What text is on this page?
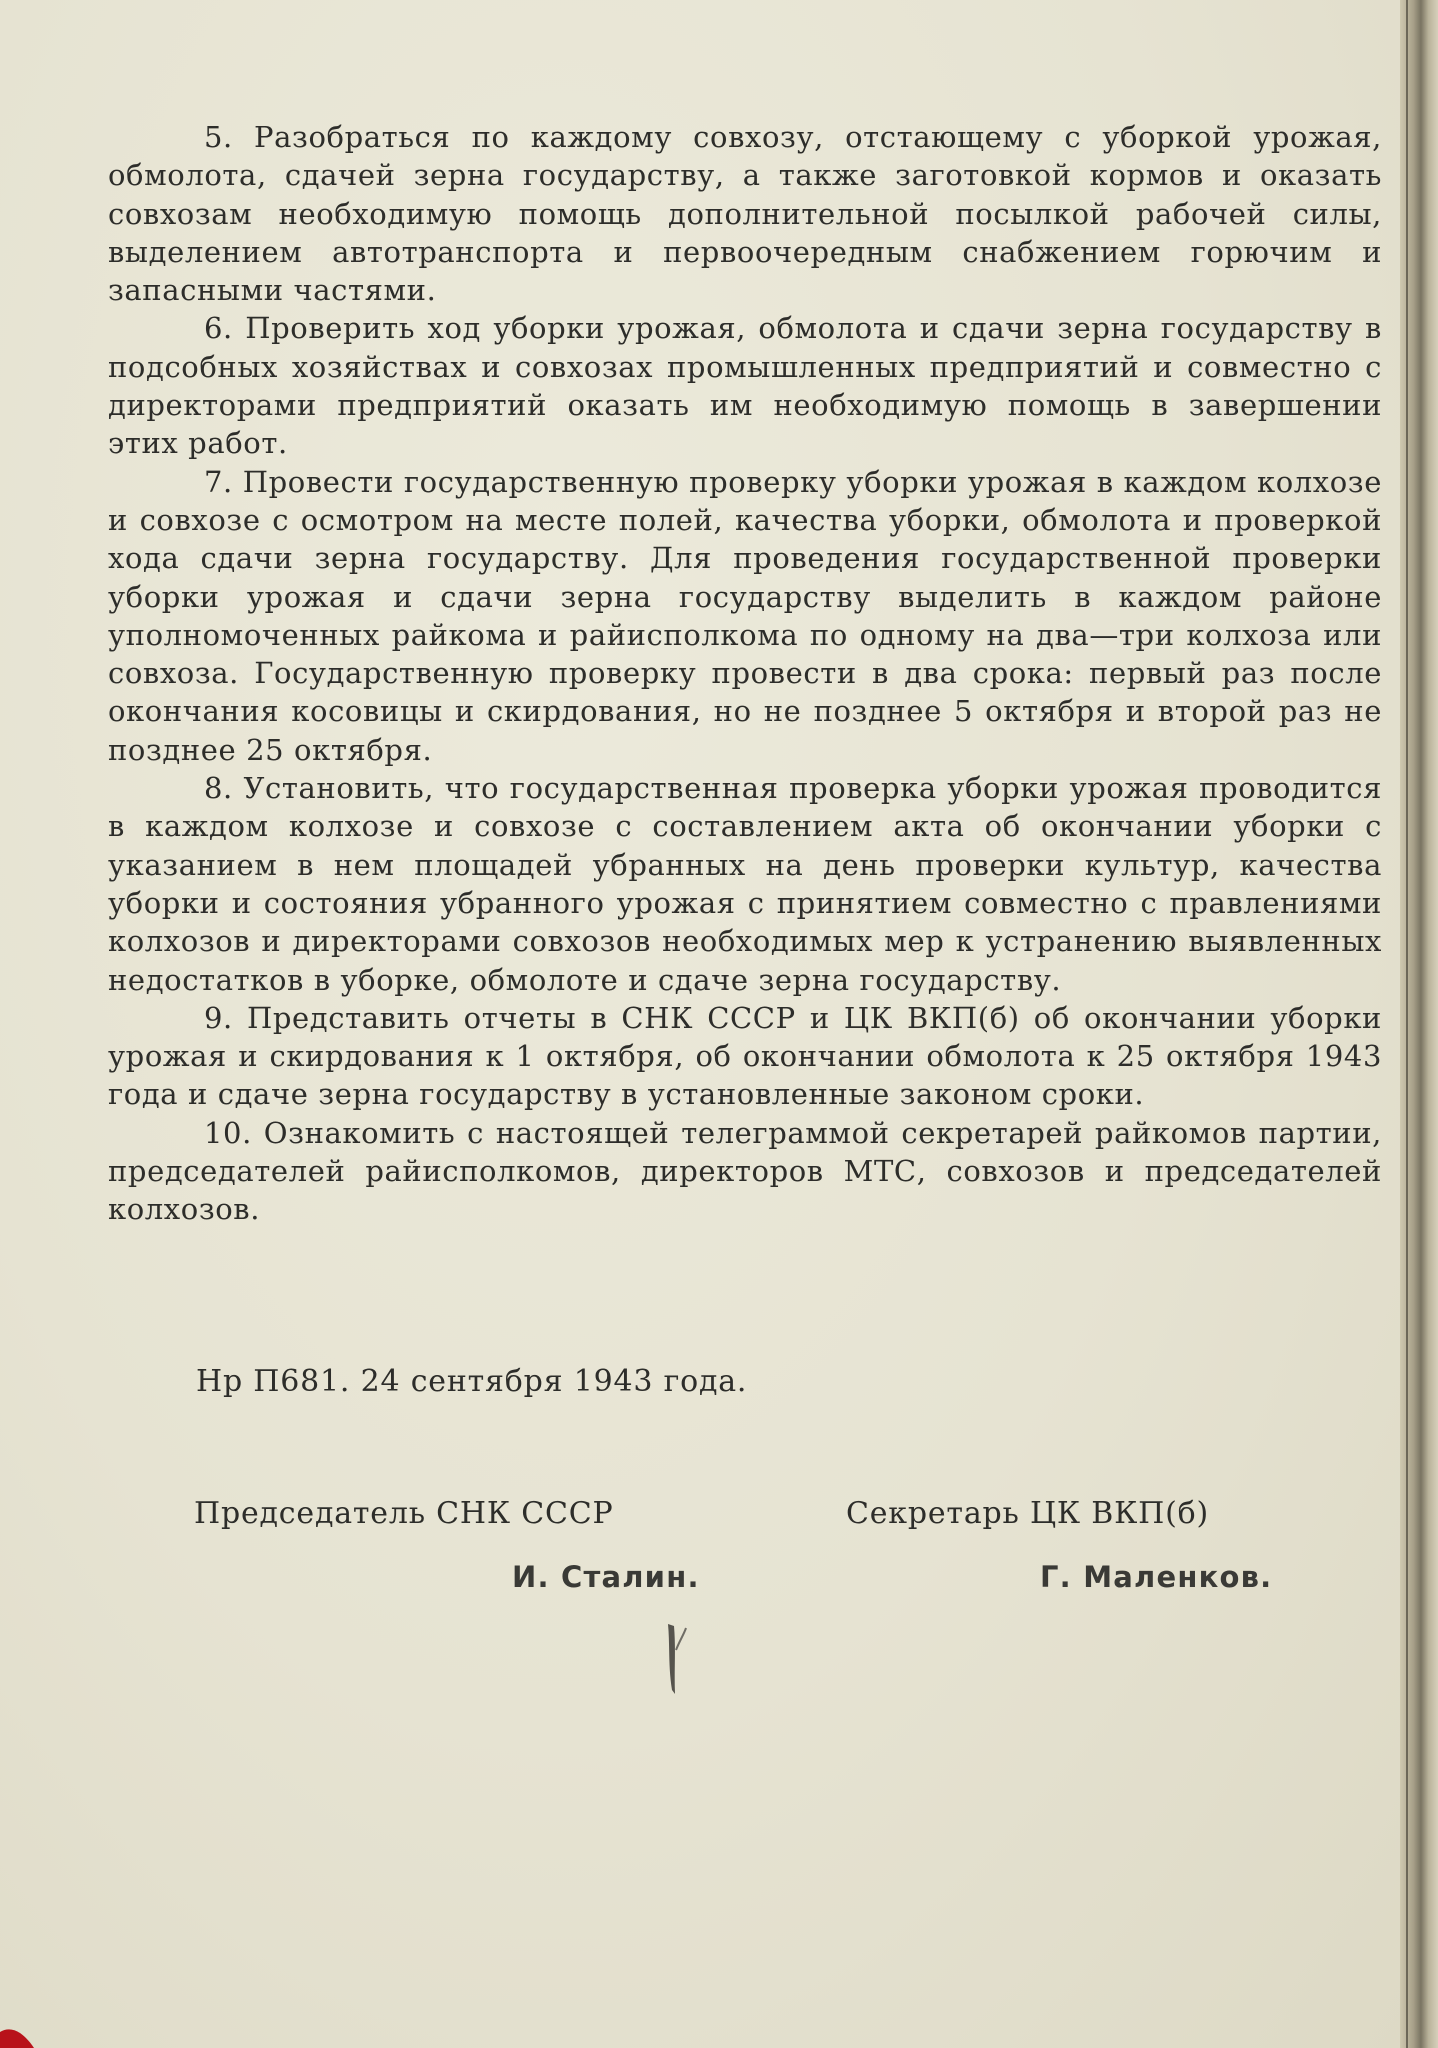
5. Разобраться по каждому совхозу, отстающему с уборкой урожая, обмолота, сдачей зерна государству, а также заготовкой кормов и оказать совхозам необходимую помощь дополнительной посылкой рабочей силы, выделением автотранспорта и первоочередным снабжением горючим и запасными частями.

6. Проверить ход уборки урожая, обмолота и сдачи зерна государству в подсобных хозяйствах и совхозах промышленных предприятий и совместно с директорами предприятий оказать им необходимую помощь в завершении этих работ.

7. Провести государственную проверку уборки урожая в каждом колхозе и совхозе с осмотром на месте полей, качества уборки, обмолота и проверкой хода сдачи зерна государству. Для проведения государственной проверки уборки урожая и сдачи зерна государству выделить в каждом районе уполномоченных райкома и райисполкома по одному на два—три колхоза или совхоза. Государственную проверку провести в два срока: первый раз после окончания косовицы и скирдования, но не позднее 5 октября и второй раз не позднее 25 октября.

8. Установить, что государственная проверка уборки урожая проводится в каждом колхозе и совхозе с составлением акта об окончании уборки с указанием в нем площадей убранных на день проверки культур, качества уборки и состояния убранного урожая с принятием совместно с правлениями колхозов и директорами совхозов необходимых мер к устранению выявленных недостатков в уборке, обмолоте и сдаче зерна государству.

9. Представить отчеты в СНК СССР и ЦК ВКП(б) об окончании уборки урожая и скирдования к 1 октября, об окончании обмолота к 25 октября 1943 года и сдаче зерна государству в установленные законом сроки.

10. Ознакомить с настоящей телеграммой секретарей райкомов партии, председателей райисполкомов, директоров МТС, совхозов и председателей колхозов.

Нр П681. 24 сентября 1943 года.
Председатель СНК СССР
И. Сталин.
Секретарь ЦК ВКП(б)
Г. Маленков.
